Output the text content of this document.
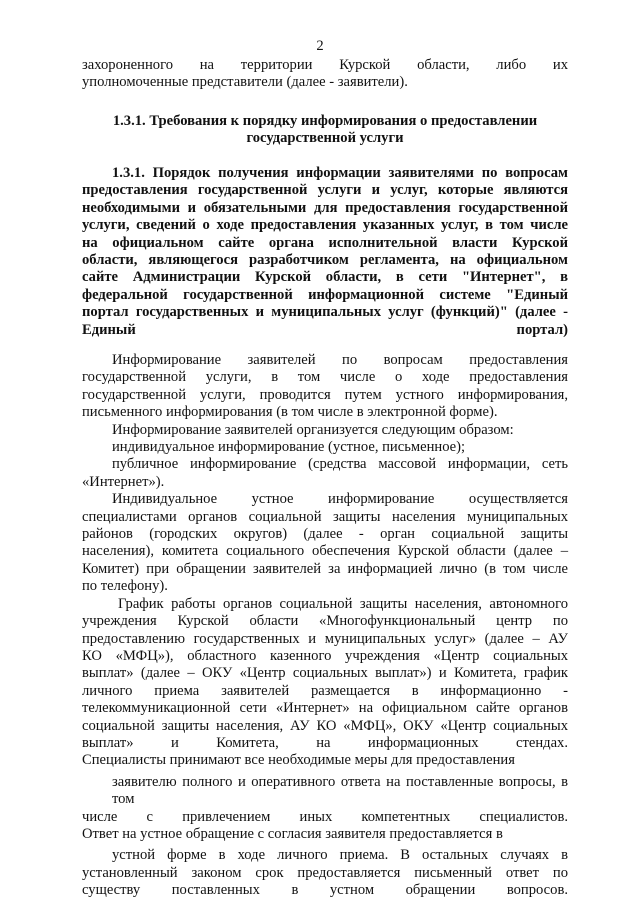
2

захороненного на территории Курской области, либо их

уполномоченные представители (далее - заявители).

1.3.1. Требования к порядку информирования о предоставлении

государственной услуги

1.3.1. Порядок получения информации заявителями по вопросам

предоставления государственной услуги и услуг, которые являются

необходимыми и обязательными для предоставления государственной

услуги, сведений о ходе предоставления указанных услуг, в том числе

на официальном сайте органа исполнительной власти Курской

области, являющегося разработчиком регламента, на официальном

сайте Администрации Курской области, в сети "Интернет", в

федеральной государственной информационной системе "Единый

портал государственных и муниципальных услуг (функций)" (далее -

Единый портал)

Информирование заявителей по вопросам предоставления

государственной услуги, в том числе о ходе предоставления

государственной услуги, проводится путем устного информирования,

письменного информирования (в том числе в электронной форме).

Информирование заявителей организуется следующим образом:

индивидуальное информирование (устное, письменное);

публичное информирование (средства массовой информации, сеть

«Интернет»).

Индивидуальное устное информирование осуществляется

специалистами органов социальной защиты населения муниципальных

районов (городских округов) (далее - орган социальной защиты

населения), комитета социального обеспечения Курской области (далее –

Комитет) при обращении заявителей за информацией лично (в том числе

по телефону).

График работы органов социальной защиты населения, автономного

учреждения Курской области «Многофункциональный центр по

предоставлению государственных и муниципальных услуг» (далее – АУ

КО «МФЦ»), областного казенного учреждения «Центр социальных

выплат» (далее – ОКУ «Центр социальных выплат») и Комитета, график

личного приема заявителей размещается в информационно -

телекоммуникационной сети «Интернет» на официальном сайте органов

социальной защиты населения, АУ КО «МФЦ», ОКУ «Центр социальных

выплат» и Комитета, на информационных стендах.

Специалисты принимают все необходимые меры для предоставления

заявителю полного и оперативного ответа на поставленные вопросы, в том

числе с привлечением иных компетентных специалистов.

Ответ на устное обращение с согласия заявителя предоставляется в

устной форме в ходе личного приема. В остальных случаях в

установленный законом срок предоставляется письменный ответ по

существу поставленных в устном обращении вопросов.
